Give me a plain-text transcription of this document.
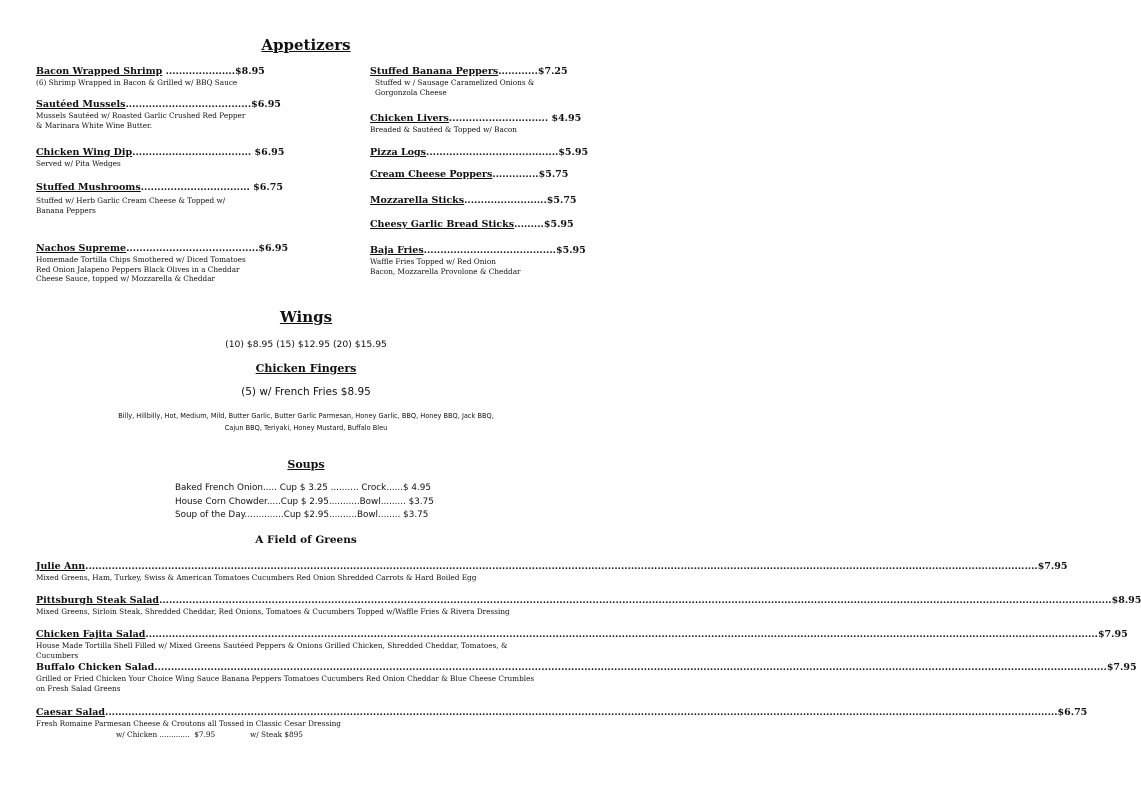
Appetizers
Bacon Wrapped Shrimp .....................$8.95
(6) Shrimp Wrapped in Bacon & Grilled w/ BBQ Sauce
Sautéed Mussels......................................$6.95
Mussels Sautéed w/ Roasted Garlic Crushed Red Pepper
& Marinara White Wine Butter.
Chicken Wing Dip.................................... $6.95
Served w/ Pita Wedges
Stuffed Mushrooms................................. $6.75
Stuffed w/ Herb Garlic Cream Cheese & Topped w/
Banana Peppers
Nachos Supreme........................................$6.95
Homemade Tortilla Chips Smothered w/ Diced Tomatoes
Red Onion Jalapeno Peppers Black Olives in a Cheddar
Cheese Sauce, topped w/ Mozzarella & Cheddar
Stuffed Banana Peppers............$7.25
Stuffed w / Sausage Caramelized Onions &
Gorgonzola Cheese
Chicken Livers.............................. $4.95
Breaded & Sautéed & Topped w/ Bacon
Pizza Logs........................................$5.95
Cream Cheese Poppers..............$5.75
Mozzarella Sticks.........................$5.75
Cheesy Garlic Bread Sticks.........$5.95
Baja Fries........................................$5.95
Waffle Fries Topped w/ Red Onion
Bacon, Mozzarella Provolone & Cheddar
Wings
(10) $8.95 (15) $12.95 (20) $15.95
Chicken Fingers
(5) w/ French Fries $8.95
Billy, Hillbilly, Hot, Medium, Mild, Butter Garlic, Butter Garlic Parmesan, Honey Garlic, BBQ, Honey BBQ, Jack BBQ,
Cajun BBQ, Teriyaki, Honey Mustard, Buffalo Bleu
Soups
Baked French Onion..... Cup $ 3.25 .......... Crock......$ 4.95
House Corn Chowder.....Cup $ 2.95...........Bowl......... $3.75
Soup of the Day..............Cup $2.95..........Bowl........ $3.75
A Field of Greens
Julie Ann ................................................................................................................................................................................................................................................................................................ $7.95
Mixed Greens, Ham, Turkey, Swiss & American Tomatoes Cucumbers Red Onion Shredded Carrots & Hard Boiled Egg
Pittsburgh Steak Salad ................................................................................................................................................................................................................................................................................................ $8.95
Mixed Greens, Sirloin Steak, Shredded Cheddar, Red Onions, Tomatoes & Cucumbers Topped w/Waffle Fries & Rivera Dressing
Chicken Fajita Salad ................................................................................................................................................................................................................................................................................................ $7.95
House Made Tortilla Shell Filled w/ Mixed Greens Sautéed Peppers & Onions Grilled Chicken, Shredded Cheddar, Tomatoes, & Cucumbers
Buffalo Chicken Salad ................................................................................................................................................................................................................................................................................................ $7.95
Grilled or Fried Chicken Your Choice Wing Sauce Banana Peppers Tomatoes Cucumbers Red Onion Cheddar & Blue Cheese Crumbles on Fresh Salad Greens
Caesar Salad ................................................................................................................................................................................................................................................................................................ $6.75
Fresh Romaine Parmesan Cheese & Croutons all Tossed in Classic Cesar Dressing
w/ Chicken .............  $7.95               w/ Steak $895
